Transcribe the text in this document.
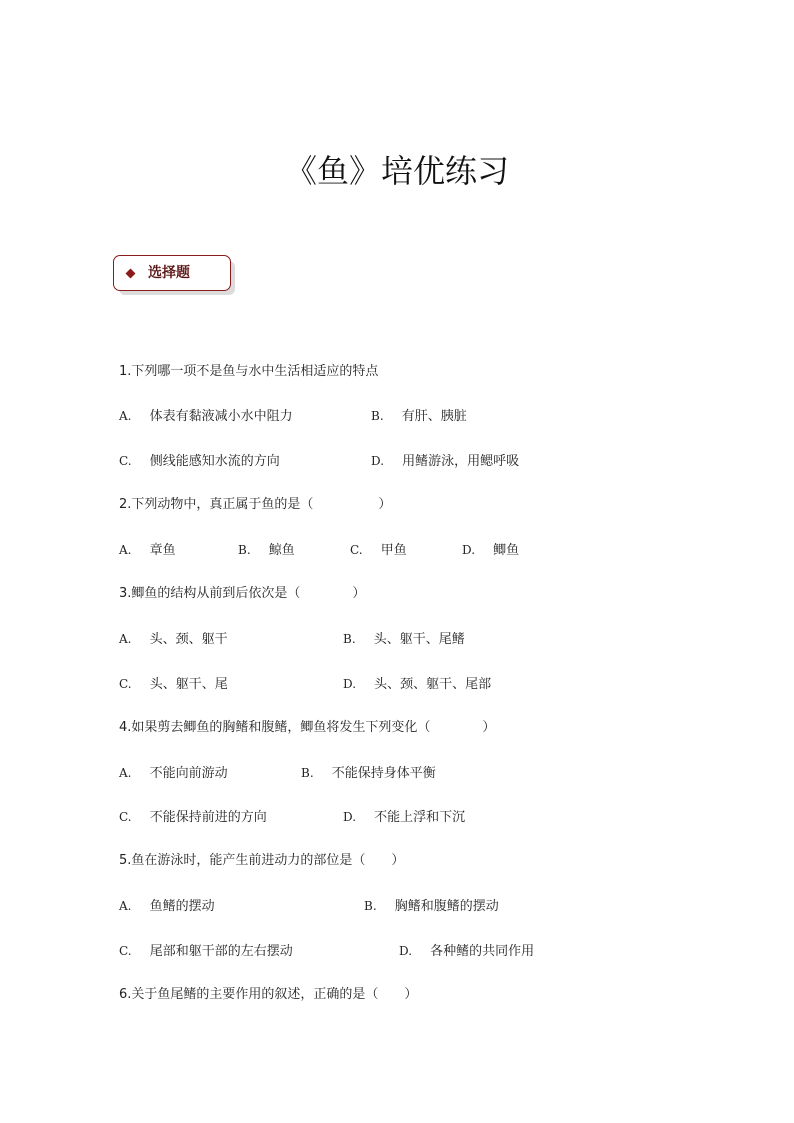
《鱼》培优练习
选择题
1.下列哪一项不是鱼与水中生活相适应的特点
A. 体表有黏液减小水中阻力	B. 有肝、胰脏
C. 侧线能感知水流的方向	D. 用鳍游泳，用鳃呼吸
2.下列动物中，真正属于鱼的是（　　　　　）
A. 章鱼	B. 鲸鱼	C. 甲鱼	D. 鲫鱼
3.鲫鱼的结构从前到后依次是（　　　　）
A. 头、颈、躯干	B. 头、躯干、尾鳍
C. 头、躯干、尾	D. 头、颈、躯干、尾部
4.如果剪去鲫鱼的胸鳍和腹鳍，鲫鱼将发生下列变化（　　　　）
A. 不能向前游动	B. 不能保持身体平衡
C. 不能保持前进的方向	D. 不能上浮和下沉
5.鱼在游泳时，能产生前进动力的部位是（　　）
A. 鱼鳍的摆动	B. 胸鳍和腹鳍的摆动
C. 尾部和躯干部的左右摆动	D. 各种鳍的共同作用
6.关于鱼尾鳍的主要作用的叙述，正确的是（　　）
